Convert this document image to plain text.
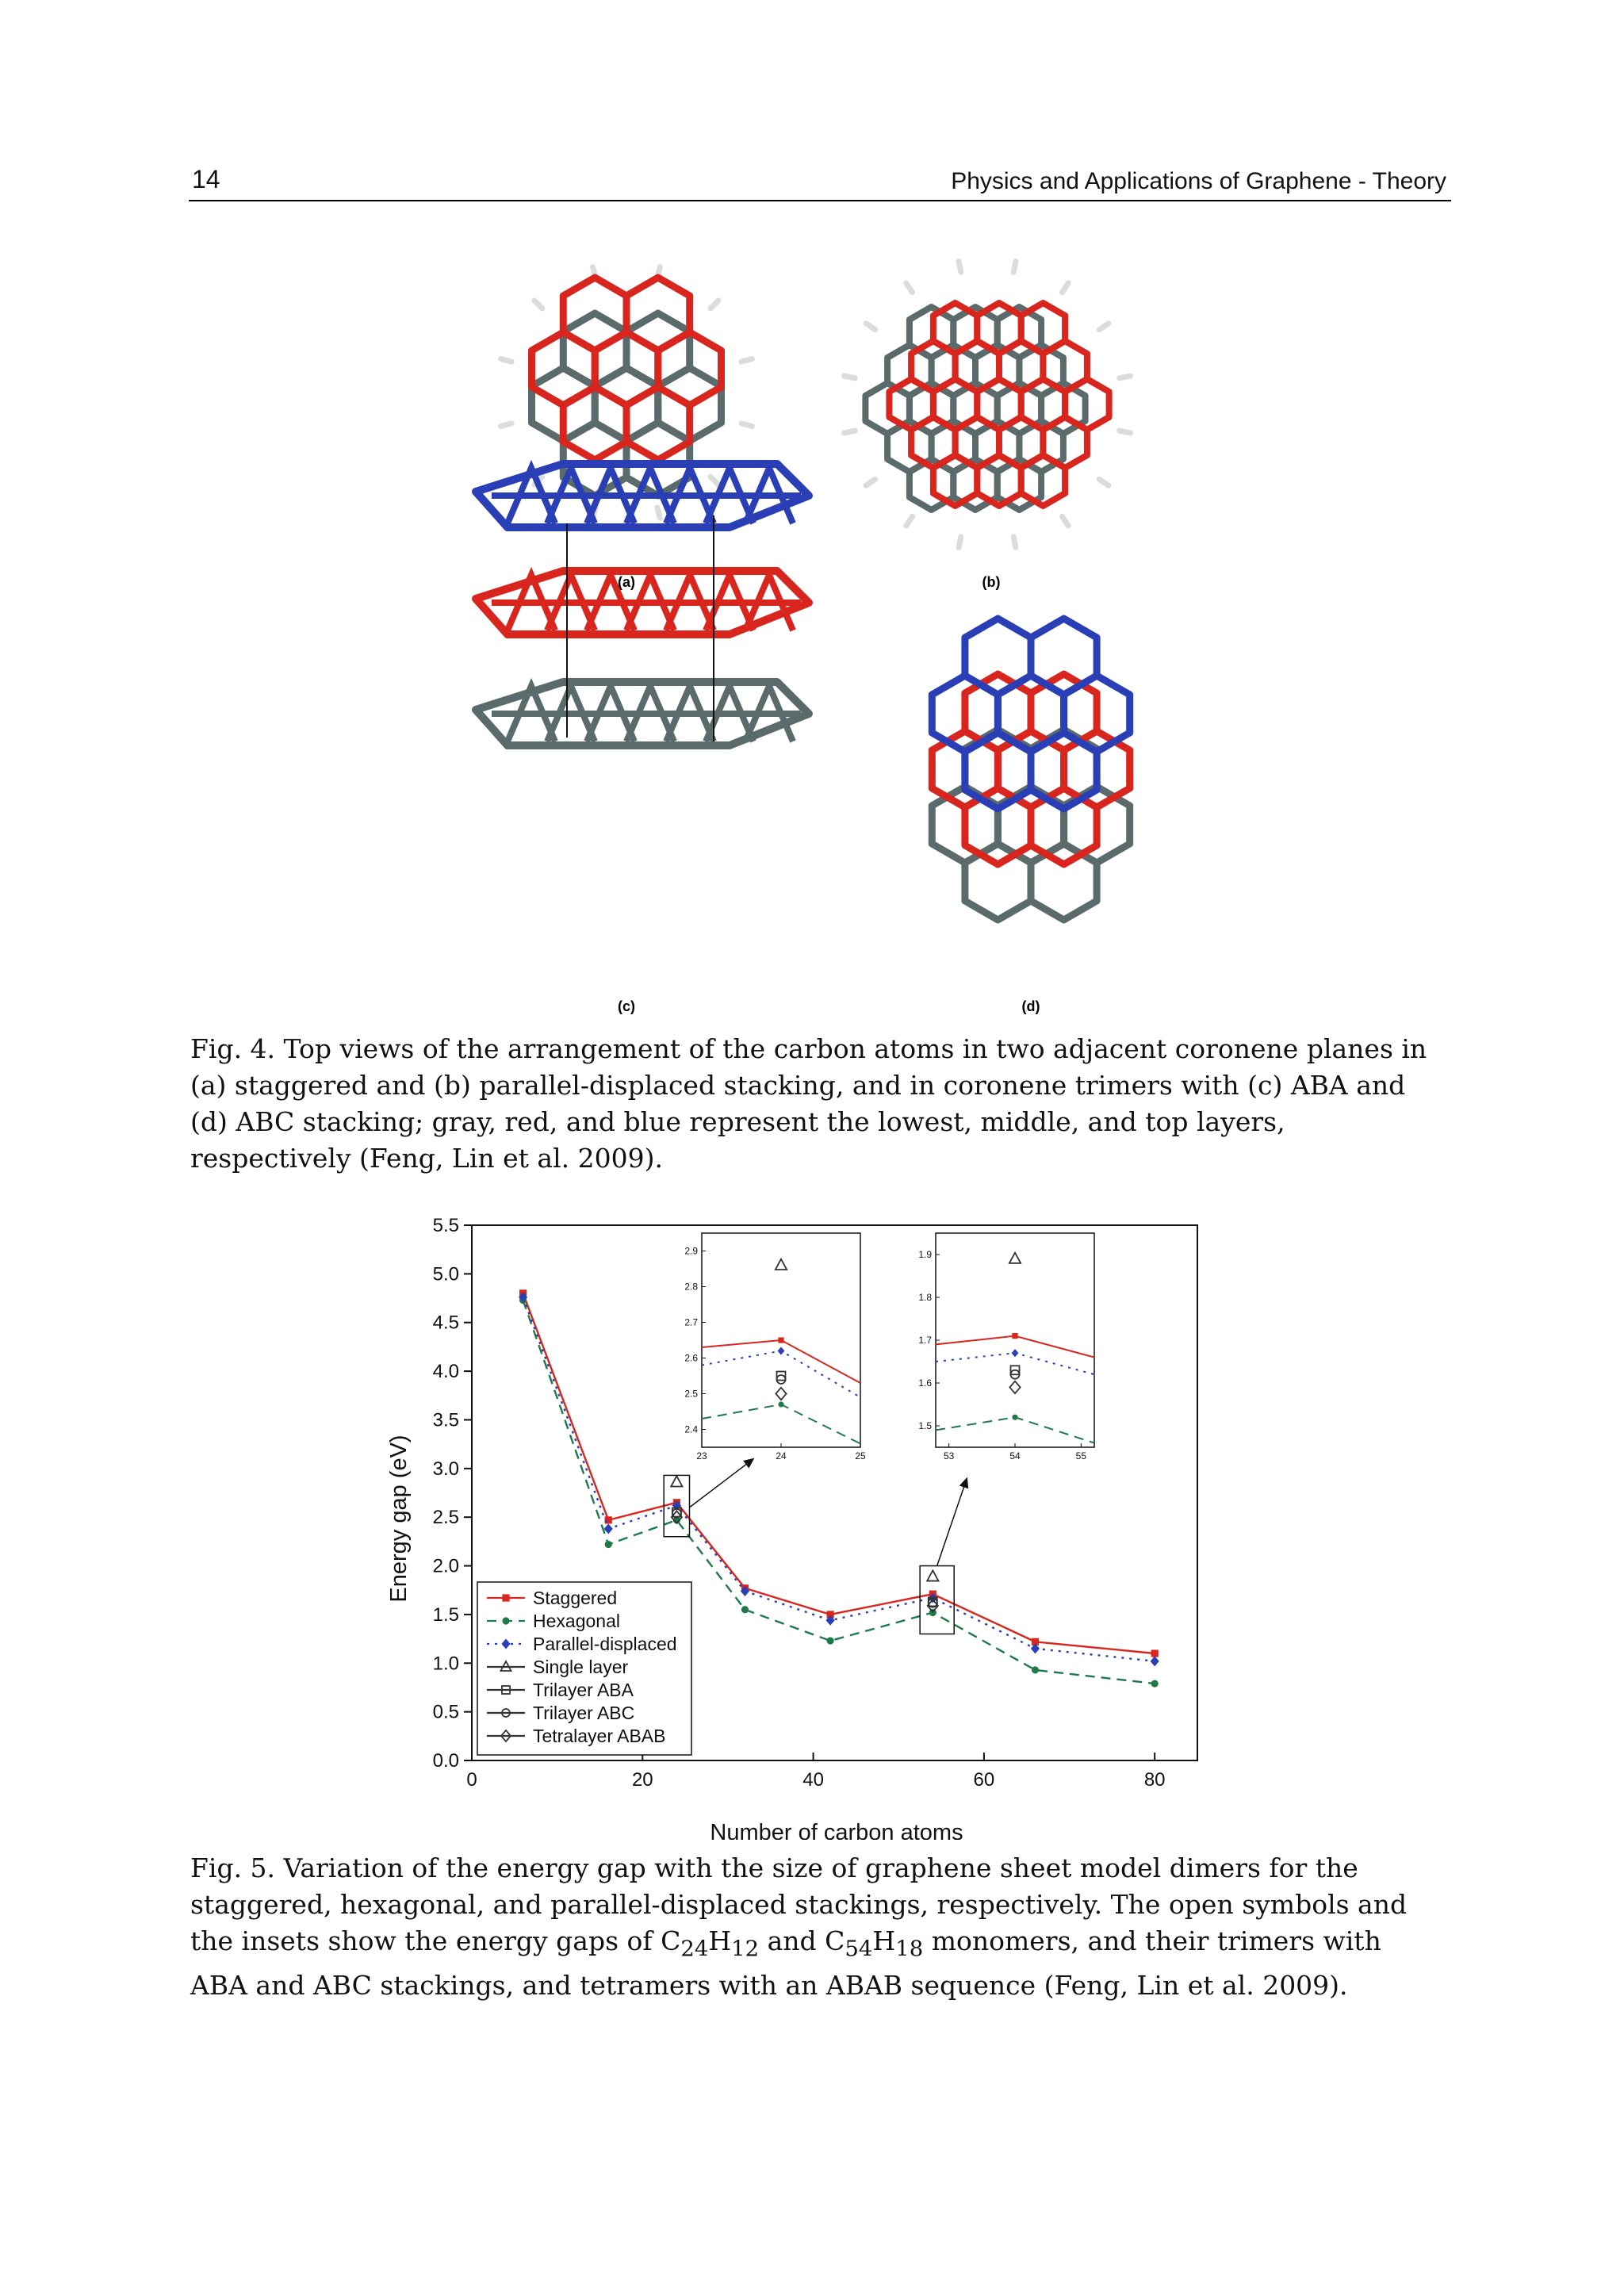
14	Physics and Applications of Graphene - Theory
(a)	(b)
(c)	(d)

Fig. 4. Top views of the arrangement of the carbon atoms in two adjacent coronene planes in (a) staggered and (b) parallel-displaced stacking, and in coronene trimers with (c) ABA and (d) ABC stacking; gray, red, and blue represent the lowest, middle, and top layers, respectively (Feng, Lin et al. 2009).

0	20	40	60	80
0.0
0.5
1.0
1.5
2.0
2.5
3.0
3.5
4.0
4.5
5.0
5.5
23	24	25
2.4
2.5
2.6
2.7
2.8
2.9
53	54	55
1.5
1.6
1.7
1.8
1.9
Staggered
Hexagonal
Parallel-displaced
Single layer
Trilayer ABA
Trilayer ABC
Tetralayer ABAB
Number of carbon atoms
Energy gap (eV)

Fig. 5. Variation of the energy gap with the size of graphene sheet model dimers for the staggered, hexagonal, and parallel-displaced stackings, respectively. The open symbols and the insets show the energy gaps of $C_{24}H_{12}$ and $C_{54}H_{18}$ monomers, and their trimers with ABA and ABC stackings, and tetramers with an ABAB sequence (Feng, Lin et al. 2009).
